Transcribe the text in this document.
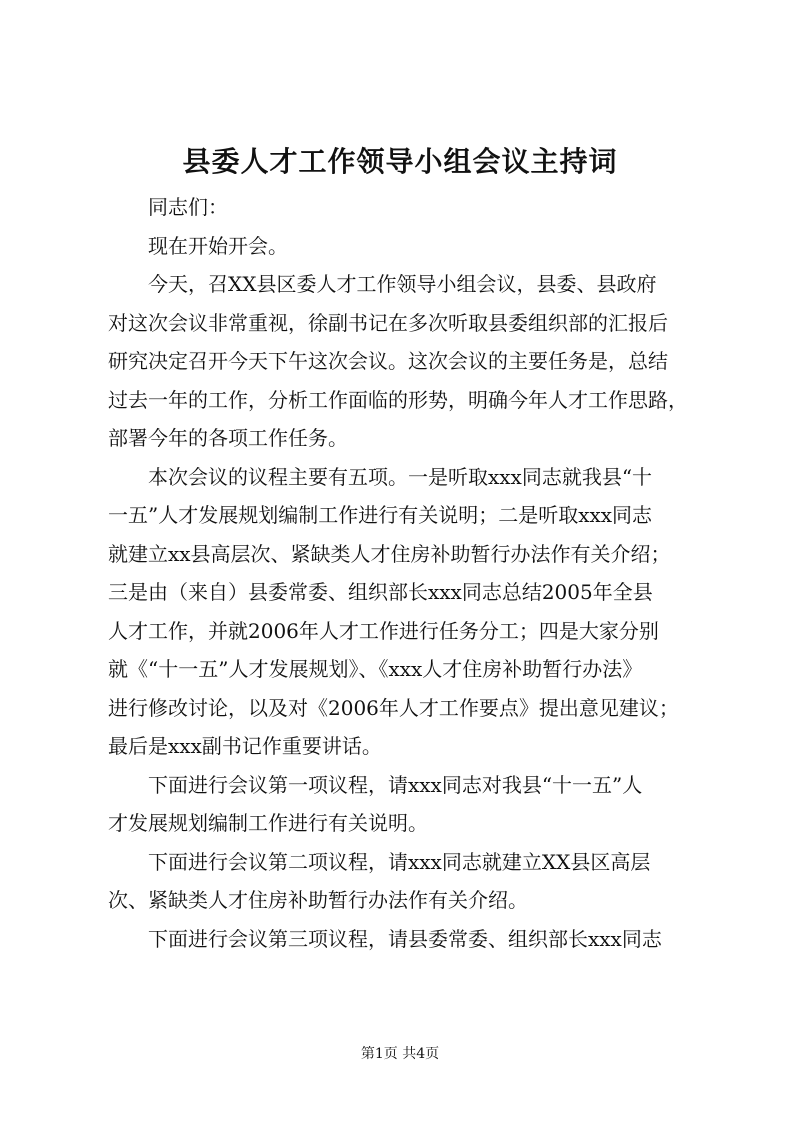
县委人才工作领导小组会议主持词

同志们：

现在开始开会。

今天，召XX县区委人才工作领导小组会议，县委、县政府
对这次会议非常重视，徐副书记在多次听取县委组织部的汇报后
研究决定召开今天下午这次会议。这次会议的主要任务是，总结
过去一年的工作，分析工作面临的形势，明确今年人才工作思路，
部署今年的各项工作任务。

本次会议的议程主要有五项。一是听取xxx同志就我县“十
一五”人才发展规划编制工作进行有关说明；二是听取xxx同志
就建立xx县高层次、紧缺类人才住房补助暂行办法作有关介绍；
三是由（来自）县委常委、组织部长xxx同志总结2005年全县
人才工作，并就2006年人才工作进行任务分工；四是大家分别
就《“十一五”人才发展规划》、《xxx人才住房补助暂行办法》
进行修改讨论，以及对《2006年人才工作要点》提出意见建议；
最后是xxx副书记作重要讲话。

下面进行会议第一项议程，请xxx同志对我县“十一五”人
才发展规划编制工作进行有关说明。

下面进行会议第二项议程，请xxx同志就建立XX县区高层
次、紧缺类人才住房补助暂行办法作有关介绍。

下面进行会议第三项议程，请县委常委、组织部长xxx同志

第1页 共4页
